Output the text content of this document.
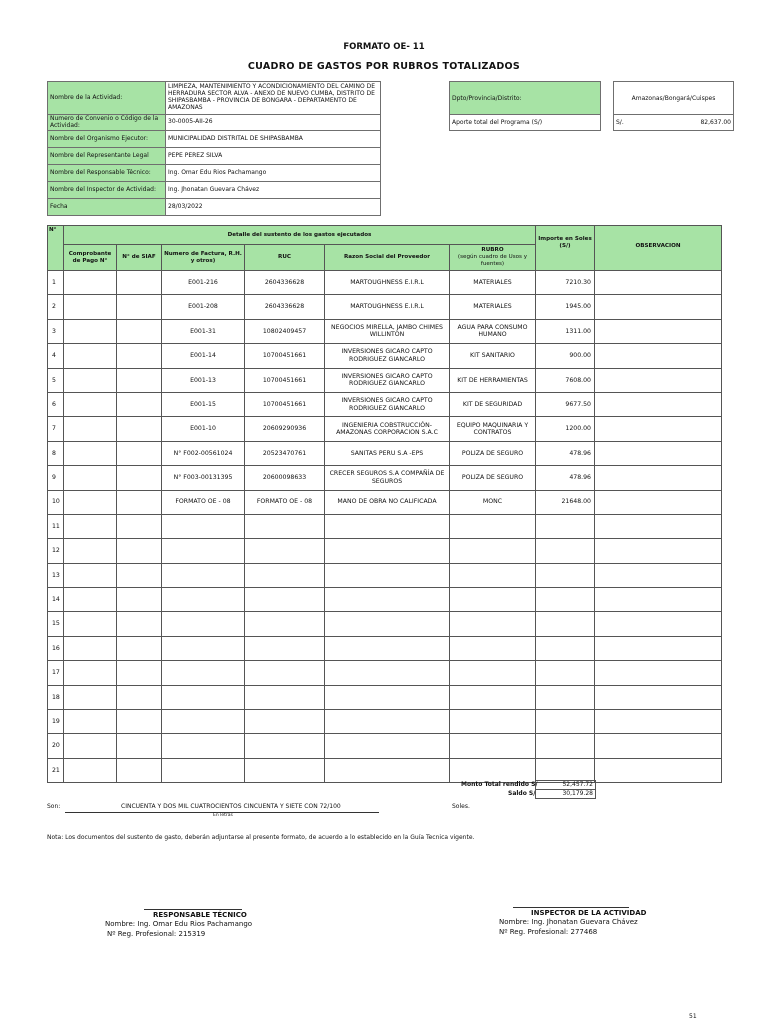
FORMATO OE- 11
CUADRO DE GASTOS POR RUBROS TOTALIZADOS
Nombre de la Actividad:	LIMPIEZA, MANTENIMIENTO Y ACONDICIONAMIENTO DEL CAMINO DE HERRADURA SECTOR ALVA - ANEXO DE NUEVO CUMBA, DISTRITO DE SHIPASBAMBA - PROVINCIA DE BONGARA - DEPARTAMENTO DE AMAZONAS
Numero de Convenio o Código de la Actividad:	30-0005-AII-26
Nombre del Organismo Ejecutor:	MUNICIPALIDAD DISTRITAL DE SHIPASBAMBA
Nombre del Representante Legal	PEPE PEREZ SILVA
Nombre del Responsable Técnico:	Ing. Omar Edu Rios Pachamango
Nombre del Inspector de Actividad:	Ing. Jhonatan Guevara Chávez
Fecha	28/03/2022
Dpto/Provincia/Distrito:		Amazonas/Bongará/Cuispes
Aporte total del Programa (S/)		S/. 82,637.00
N°	Detalle del sustento de los gastos ejecutados						Importe en Soles (S/)	OBSERVACION
	Comprobante de Pago N°	N° de SIAF	Numero de Factura, R.H. y otros)	RUC	Razon Social del Proveedor	RUBRO
(según cuadro de Usos y fuentes)		

1			E001-216	2604336628	MARTOUGHNESS E.I.R.L	MATERIALES	7210.30	
2			E001-208	2604336628	MARTOUGHNESS E.I.R.L	MATERIALES	1945.00	
3			E001-31	10802409457	NEGOCIOS MIRELLA, JAMBO CHIMES WILLINTON	AGUA PARA CONSUMO HUMANO	1311.00	
4			E001-14	10700451661	INVERSIONES GICARO CAPTO RODRIGUEZ GIANCARLO	KIT SANITARIO	900.00	
5			E001-13	10700451661	INVERSIONES GICARO CAPTO RODRIGUEZ GIANCARLO	KIT DE HERRAMIENTAS	7608.00	
6			E001-15	10700451661	INVERSIONES GICARO CAPTO RODRIGUEZ GIANCARLO	KIT DE SEGURIDAD	9677.50	
7			E001-10	20609290936	INGENIERIA COBSTRUCCIÓN-AMAZONAS CORPORACION S.A.C	EQUIPO MAQUINARIA Y CONTRATOS	1200.00	
8			N° F002-00561024	20523470761	SANITAS PERU S.A -EPS	POLIZA DE SEGURO	478.96	
9			N° F003-00131395	20600098633	CRECER SEGUROS S.A COMPAÑÍA DE SEGUROS	POLIZA DE SEGURO	478.96	
10			FORMATO OE - 08	FORMATO OE - 08	MANO DE OBRA NO CALIFICADA	MONC	21648.00	
11								
12								
13								
14								
15								
16								
17								
18								
19								
20								
21								
Monto Total rendido S/	52,457.72
Saldo S/	30,179.28
Son:	CINCUENTA Y DOS MIL CUATROCIENTOS CINCUENTA Y SIETE CON 72/100	Soles.
En letras
Nota: Los documentos del sustento de gasto, deberán adjuntarse al presente formato, de acuerdo a lo establecido en la Guía Tecnica vigente.
RESPONSABLE TÉCNICO
Nombre: Ing. Omar Edu Rios Pachamango
Nº Reg. Profesional: 215319
INSPECTOR DE LA ACTIVIDAD
Nombre: Ing. Jhonatan Guevara Chávez
Nº Reg. Profesional: 277468
51
